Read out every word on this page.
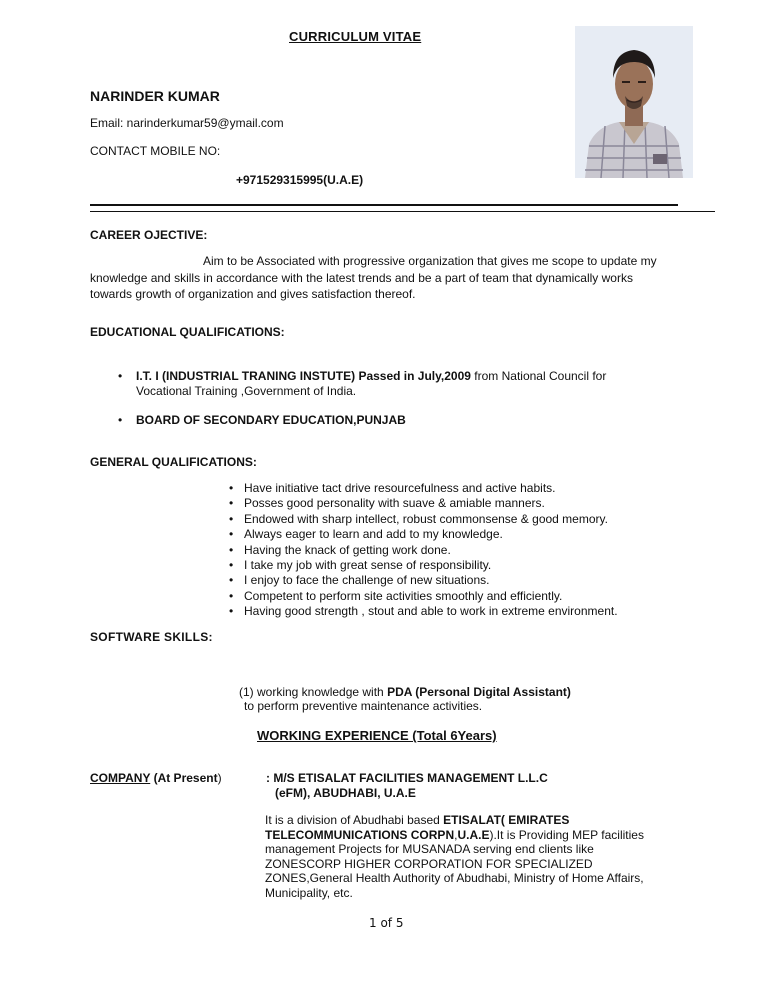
CURRICULUM VITAE
NARINDER KUMAR
Email: narinderkumar59@ymail.com
CONTACT MOBILE NO:
+971529315995(U.A.E)
CAREER OJECTIVE:
Aim to be Associated with progressive organization that gives me scope to update my
knowledge and skills in accordance with the latest trends and be a part of team that dynamically works
towards growth of organization and gives satisfaction thereof.
EDUCATIONAL QUALIFICATIONS:
• I.T. I (INDUSTRIAL TRANING INSTUTE) Passed in July,2009 from National Council for
Vocational Training ,Government of India.
• BOARD OF SECONDARY EDUCATION,PUNJAB
GENERAL QUALIFICATIONS:
• Have initiative tact drive resourcefulness and active habits.
• Posses good personality with suave & amiable manners.
• Endowed with sharp intellect, robust commonsense & good memory.
• Always eager to learn and add to my knowledge.
• Having the knack of getting work done.
• I take my job with great sense of responsibility.
• I enjoy to face the challenge of new situations.
• Competent to perform site activities smoothly and efficiently.
• Having good strength , stout and able to work in extreme environment.
SOFTWARE SKILLS:
(1) working knowledge with PDA (Personal Digital Assistant)
to perform preventive maintenance activities.
WORKING EXPERIENCE (Total 6Years)
COMPANY (At Present)	: M/S ETISALAT FACILITIES MANAGEMENT L.L.C
(eFM), ABUDHABI, U.A.E
It is a division of Abudhabi based ETISALAT( EMIRATES
TELECOMMUNICATIONS CORPN,U.A.E).It is Providing MEP facilities
management Projects for MUSANADA serving end clients like
ZONESCORP HIGHER CORPORATION FOR SPECIALIZED
ZONES,General Health Authority of Abudhabi, Ministry of Home Affairs,
Municipality, etc.
1 of 5
